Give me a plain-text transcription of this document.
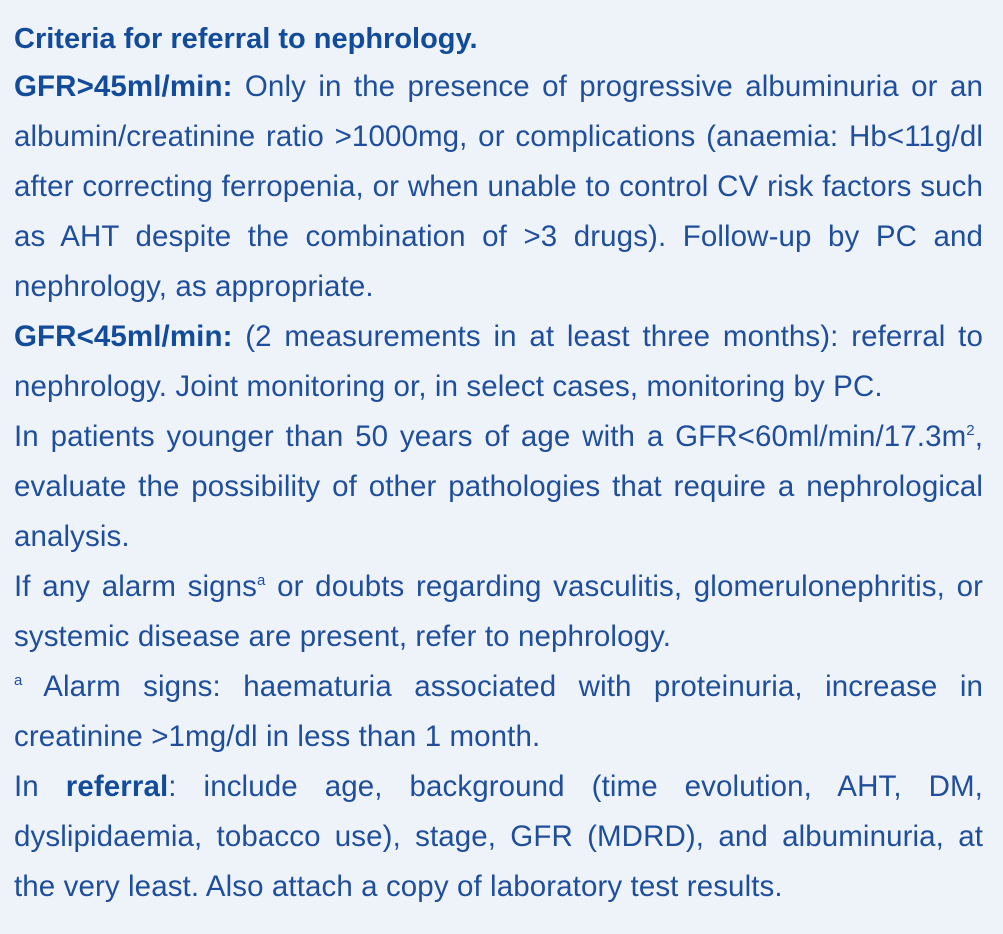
Criteria for referral to nephrology.

GFR>45ml/min: Only in the presence of progressive albuminuria or an albumin/creatinine ratio >1000mg, or complications (anaemia: Hb<11g/dl after correcting ferropenia, or when unable to control CV risk factors such as AHT despite the combination of >3 drugs). Follow-up by PC and nephrology, as appropriate.

GFR<45ml/min: (2 measurements in at least three months): referral to nephrology. Joint monitoring or, in select cases, monitoring by PC.

In patients younger than 50 years of age with a $GFR<60ml/\min/17.3m^2$, evaluate the possibility of other pathologies that require a nephrological analysis.

If any alarm signs$^a$ or doubts regarding vasculitis, glomerulonephritis, or systemic disease are present, refer to nephrology.

$^a$ Alarm signs: haematuria associated with proteinuria, increase in creatinine >1mg/dl in less than 1 month.

In referral: include age, background (time evolution, AHT, DM, dyslipidaemia, tobacco use), stage, GFR (MDRD), and albuminuria, at the very least. Also attach a copy of laboratory test results.
